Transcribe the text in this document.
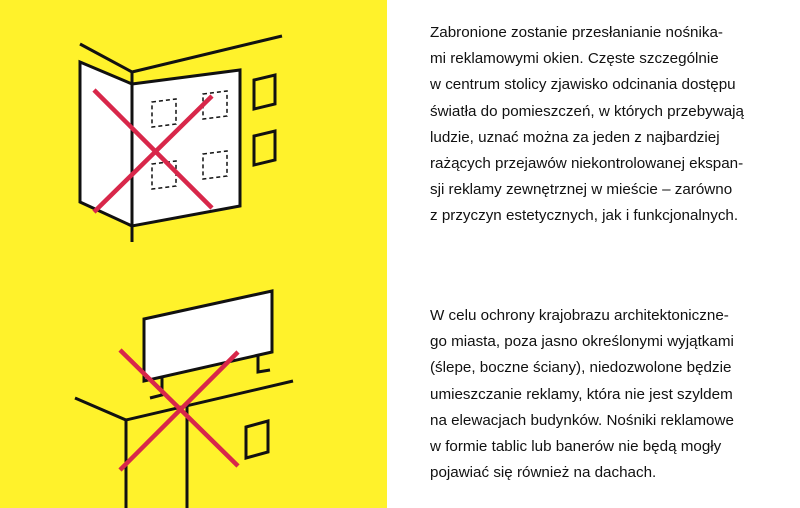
Zabronione zostanie przesłanianie nośnika-
mi reklamowymi okien. Częste szczególnie
w centrum stolicy zjawisko odcinania dostępu
światła do pomieszczeń, w których przebywają
ludzie, uznać można za jeden z najbardziej
rażących przejawów niekontrolowanej ekspan-
sji reklamy zewnętrznej w mieście – zarówno
z przyczyn estetycznych, jak i funkcjonalnych.
W celu ochrony krajobrazu architektoniczne-
go miasta, poza jasno określonymi wyjątkami
(ślepe, boczne ściany), niedozwolone będzie
umieszczanie reklamy, która nie jest szyldem
na elewacjach budynków. Nośniki reklamowe
w formie tablic lub banerów nie będą mogły
pojawiać się również na dachach.
